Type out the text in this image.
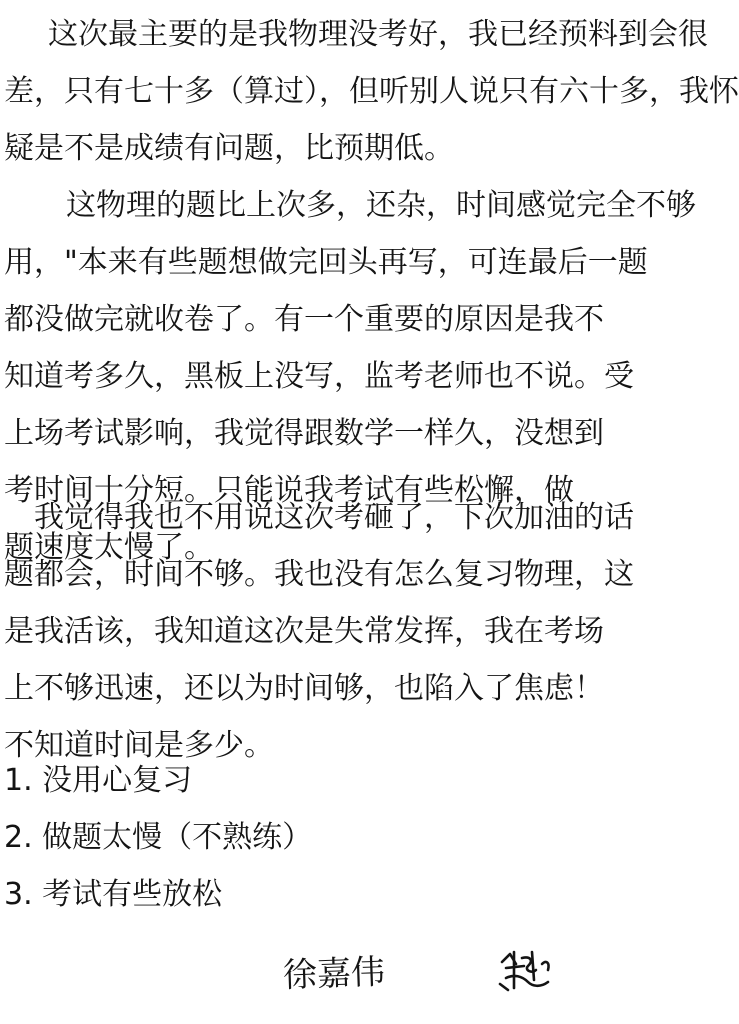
这次最主要的是我物理没考好，我已经预料到会很
差，只有七十多（算过），但听别人说只有六十多，我怀
疑是不是成绩有问题，比预期低。
这物理的题比上次多，还杂，时间感觉完全不够
用，"本来有些题想做完回头再写，可连最后一题
都没做完就收卷了。有一个重要的原因是我不
知道考多久，黑板上没写，监考老师也不说。受
上场考试影响，我觉得跟数学一样久，没想到
考时间十分短。只能说我考试有些松懈，做
题速度太慢了。
我觉得我也不用说这次考砸了，下次加油的话
题都会，时间不够。我也没有怎么复习物理，这
是我活该，我知道这次是失常发挥，我在考场
上不够迅速，还以为时间够，也陷入了焦虑！
不知道时间是多少。
1. 没用心复习
2. 做题太慢（不熟练）
3. 考试有些放松
徐嘉伟
